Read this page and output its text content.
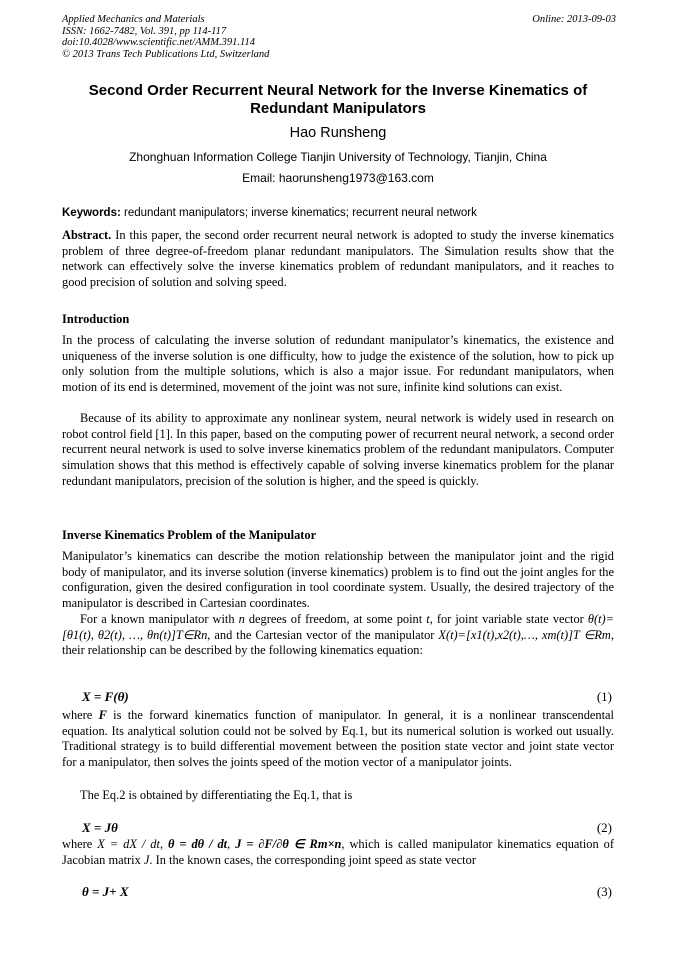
Applied Mechanics and Materials
ISSN: 1662-7482, Vol. 391, pp 114-117
doi:10.4028/www.scientific.net/AMM.391.114
© 2013 Trans Tech Publications Ltd, Switzerland
Online: 2013-09-03
Second Order Recurrent Neural Network for the Inverse Kinematics of Redundant Manipulators
Hao Runsheng
Zhonghuan Information College Tianjin University of Technology, Tianjin, China
Email: haorunsheng1973@163.com
Keywords: redundant manipulators; inverse kinematics; recurrent neural network
Abstract. In this paper, the second order recurrent neural network is adopted to study the inverse kinematics problem of three degree-of-freedom planar redundant manipulators. The Simulation results show that the network can effectively solve the inverse kinematics problem of redundant manipulators, and it reaches to good precision of solution and solving speed.
Introduction
In the process of calculating the inverse solution of redundant manipulator’s kinematics, the existence and uniqueness of the inverse solution is one difficulty, how to judge the existence of the solution, how to pick up only solution from the multiple solutions, which is also a major issue. For redundant manipulators, when motion of its end is determined, movement of the joint was not sure, infinite kind solutions can exist.
Because of its ability to approximate any nonlinear system, neural network is widely used in research on robot control field [1]. In this paper, based on the computing power of recurrent neural network, a second order recurrent neural network is used to solve inverse kinematics problem of the redundant manipulators. Computer simulation shows that this method is effectively capable of solving inverse kinematics problem for the planar redundant manipulators, precision of the solution is higher, and the speed is quickly.
Inverse Kinematics Problem of the Manipulator
Manipulator’s kinematics can describe the motion relationship between the manipulator joint and the rigid body of manipulator, and its inverse solution (inverse kinematics) problem is to find out the joint angles for the configuration, given the desired configuration in tool coordinate system. Usually, the desired trajectory of the manipulator is described in Cartesian coordinates.
For a known manipulator with n degrees of freedom, at some point t, for joint variable state vector θ(t)=[θ1(t), θ2(t), …, θn(t)]T∈Rn, and the Cartesian vector of the manipulator X(t)=[x1(t),x2(t),…, xm(t)]T ∈Rm, their relationship can be described by the following kinematics equation:
X = F(θ)	(1)
where F is the forward kinematics function of manipulator. In general, it is a nonlinear transcendental equation. Its analytical solution could not be solved by Eq.1, but its numerical solution is worked out usually. Traditional strategy is to build differential movement between the position state vector and joint state vector for a manipulator, then solves the joints speed of the motion vector of a manipulator joints.
The Eq.2 is obtained by differentiating the Eq.1, that is
X = Jθ	(2)
where X = dX / dt, θ = dθ / dt, J = ∂F/∂θ ∈ Rm×n, which is called manipulator kinematics equation of Jacobian matrix J. In the known cases, the corresponding joint speed as state vector
θ = J+ X	(3)
